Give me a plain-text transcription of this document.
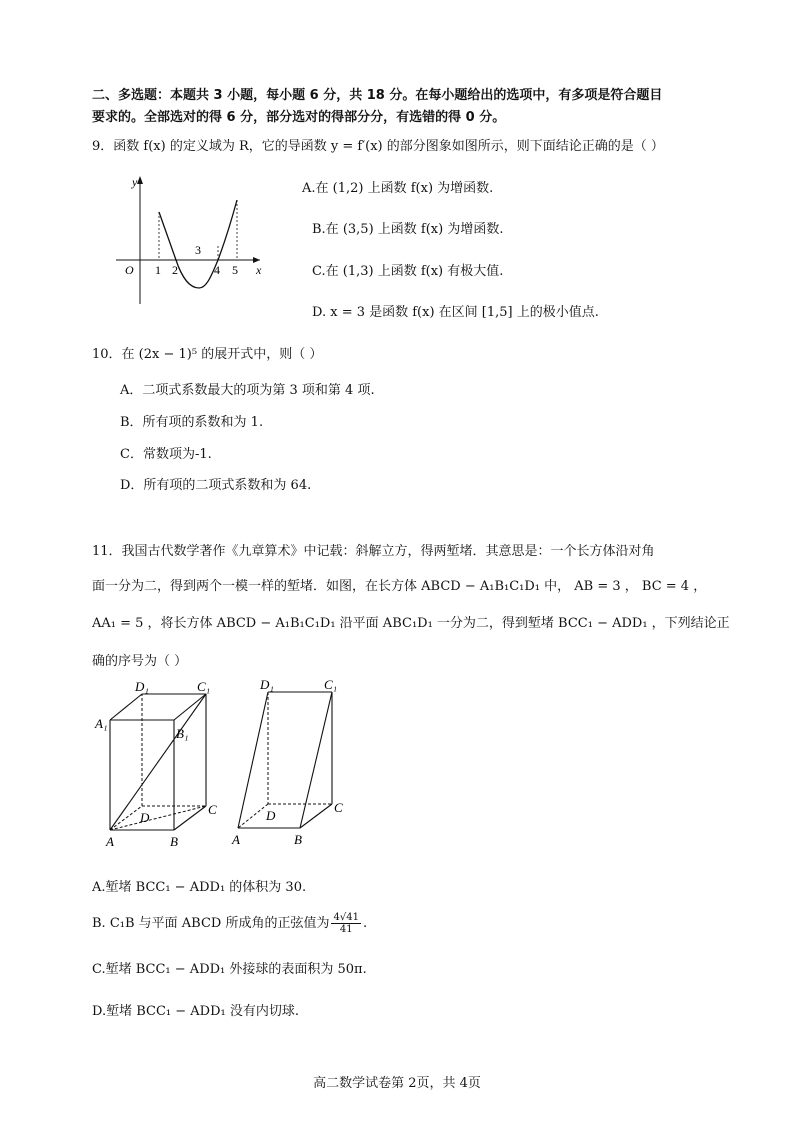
二、多选题：本题共 3 小题，每小题 6 分，共 18 分。在每小题给出的选项中，有多项是符合题目
要求的。全部选对的得 6 分，部分选对的得部分分，有选错的得 0 分。
9．函数 f(x) 的定义域为 R，它的导函数 y = f′(x) 的部分图象如图所示，则下面结论正确的是（ ）
y
x
O 1 2
3
4 5
A.在 (1,2) 上函数 f(x) 为增函数.
B.在 (3,5) 上函数 f(x) 为增函数.
C.在 (1,3) 上函数 f(x) 有极大值.
D. x = 3 是函数 f(x) 在区间 [1,5] 上的极小值点.
10．在 (2x − 1)⁵ 的展开式中，则（ ）
A．二项式系数最大的项为第 3 项和第 4 项.
B．所有项的系数和为 1.
C．常数项为-1.
D．所有项的二项式系数和为 64.
11．我国古代数学著作《九章算术》中记载：斜解立方，得两堑堵．其意思是：一个长方体沿对角
面一分为二，得到两个一模一样的堑堵．如图，在长方体 ABCD − A₁B₁C₁D₁ 中， AB = 3 ， BC = 4 ，
AA₁ = 5 ，将长方体 ABCD − A₁B₁C₁D₁ 沿平面 ABC₁D₁ 一分为二，得到堑堵 BCC₁ − ADD₁ ，下列结论正
确的序号为（ ）
D₁	C₁
A₁
B₁
D
C
A	B
D₁	C₁
D
C
A	B
A.堑堵 BCC₁ − ADD₁ 的体积为 30.
B. C₁B 与平面 ABCD 所成角的正弦值为 $\frac{4√41}{41}$ .
C.堑堵 BCC₁ − ADD₁ 外接球的表面积为 50π.
D.堑堵 BCC₁ − ADD₁ 没有内切球.
高二数学试卷第 2页，共 4页
